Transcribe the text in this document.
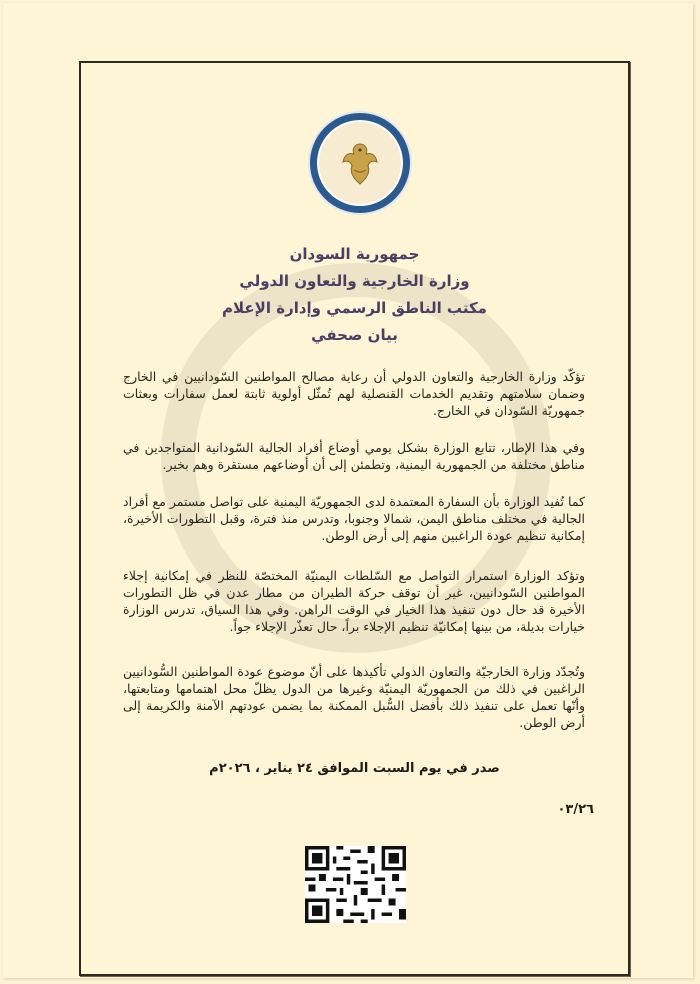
جمهورية السودان
وزارة الخارجية والتعاون الدولي
مكتب الناطق الرسمي وإدارة الإعلام
بيان صحفي

تؤكّد وزارة الخارجية والتعاون الدولي أن رعاية مصالح المواطنين السّودانيين في الخارج وضمان سلامتهم وتقديم الخدمات القنصلية لهم تُمثّل أولوية ثابتة لعمل سفارات وبعثات جمهوريّة السّودان في الخارج.

وفي هذا الإطار، تتابع الوزارة بشكل يومي أوضاع أفراد الجالية السّودانية المتواجدين في مناطق مختلفة من الجمهورية اليمنية، وتطمئن إلى أن أوضاعهم مستقرة وهم بخير.

كما تُفيد الوزارة بأن السفارة المعتمدة لدى الجمهوريّة اليمنية على تواصل مستمر مع أفراد الجالية في مختلف مناطق اليمن، شمالا وجنوبا، وتدرس منذ فترة، وقبل التطورات الأخيرة، إمكانية تنظيم عودة الراغبين منهم إلى أرض الوطن.

وتؤكد الوزارة استمرار التواصل مع السّلطات اليمنيّة المختصّة للنظر في إمكانية إجلاء المواطنين السّودانيين، غير أن توقف حركة الطيران من مطار عدن في ظل التطورات الأخيرة قد حال دون تنفيذ هذا الخيار في الوقت الراهن. وفي هذا السياق، تدرس الوزارة خيارات بديلة، من بينها إمكانيّة تنظيم الإجلاء براً، حال تعذّر الإجلاء جواً.

وتُجدّد وزارة الخارجيّة والتعاون الدولي تأكيدها على أنّ موضوع عودة المواطنين السُّودانيين الراغبين في ذلك من الجمهوريّة اليمنيّة وغيرها من الدول يظلّ محل اهتمامها ومتابعتها، وأنّها تعمل على تنفيذ ذلك بأفضل السُّبل الممكنة بما يضمن عودتهم الآمنة والكريمة إلى أرض الوطن.

صدر في يوم السبت الموافق ٢٤ يناير ، ٢٠٢٦م
٠٣/٢٦
